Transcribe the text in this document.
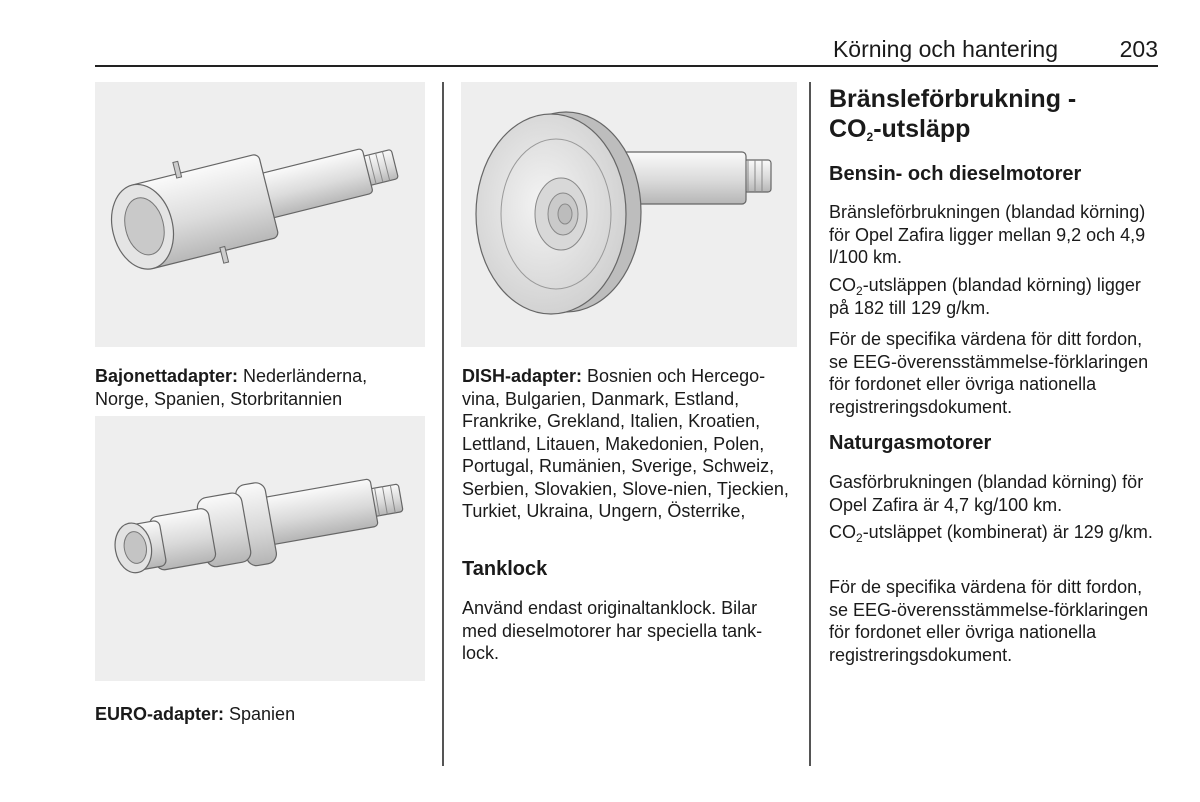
Körning och hantering	203
Bajonettadapter: Nederländerna, Norge, Spanien, Storbritannien
EURO-adapter: Spanien
DISH-adapter: Bosnien och Hercego-vina, Bulgarien, Danmark, Estland, Frankrike, Grekland, Italien, Kroatien, Lettland, Litauen, Makedonien, Polen, Portugal, Rumänien, Sverige, Schweiz, Serbien, Slovakien, Slove-nien, Tjeckien, Turkiet, Ukraina, Ungern, Österrike,
Tanklock
Använd endast originaltanklock. Bilar med dieselmotorer har speciella tank-lock.
Bränsleförbrukning -
$CO_2$-utsläpp
Bensin- och dieselmotorer
Bränsleförbrukningen (blandad körning) för Opel Zafira ligger mellan 9,2 och 4,9 l/100 km.
$CO_2$-utsläppen (blandad körning) ligger på 182 till 129 g/km.
För de specifika värdena för ditt fordon, se EEG-överensstämmelse-förklaringen för fordonet eller övriga nationella registreringsdokument.
Naturgasmotorer
Gasförbrukningen (blandad körning) för Opel Zafira är 4,7 kg/100 km.
$CO_2$-utsläppet (kombinerat) är 129 g/km.
För de specifika värdena för ditt fordon, se EEG-överensstämmelse-förklaringen för fordonet eller övriga nationella registreringsdokument.
